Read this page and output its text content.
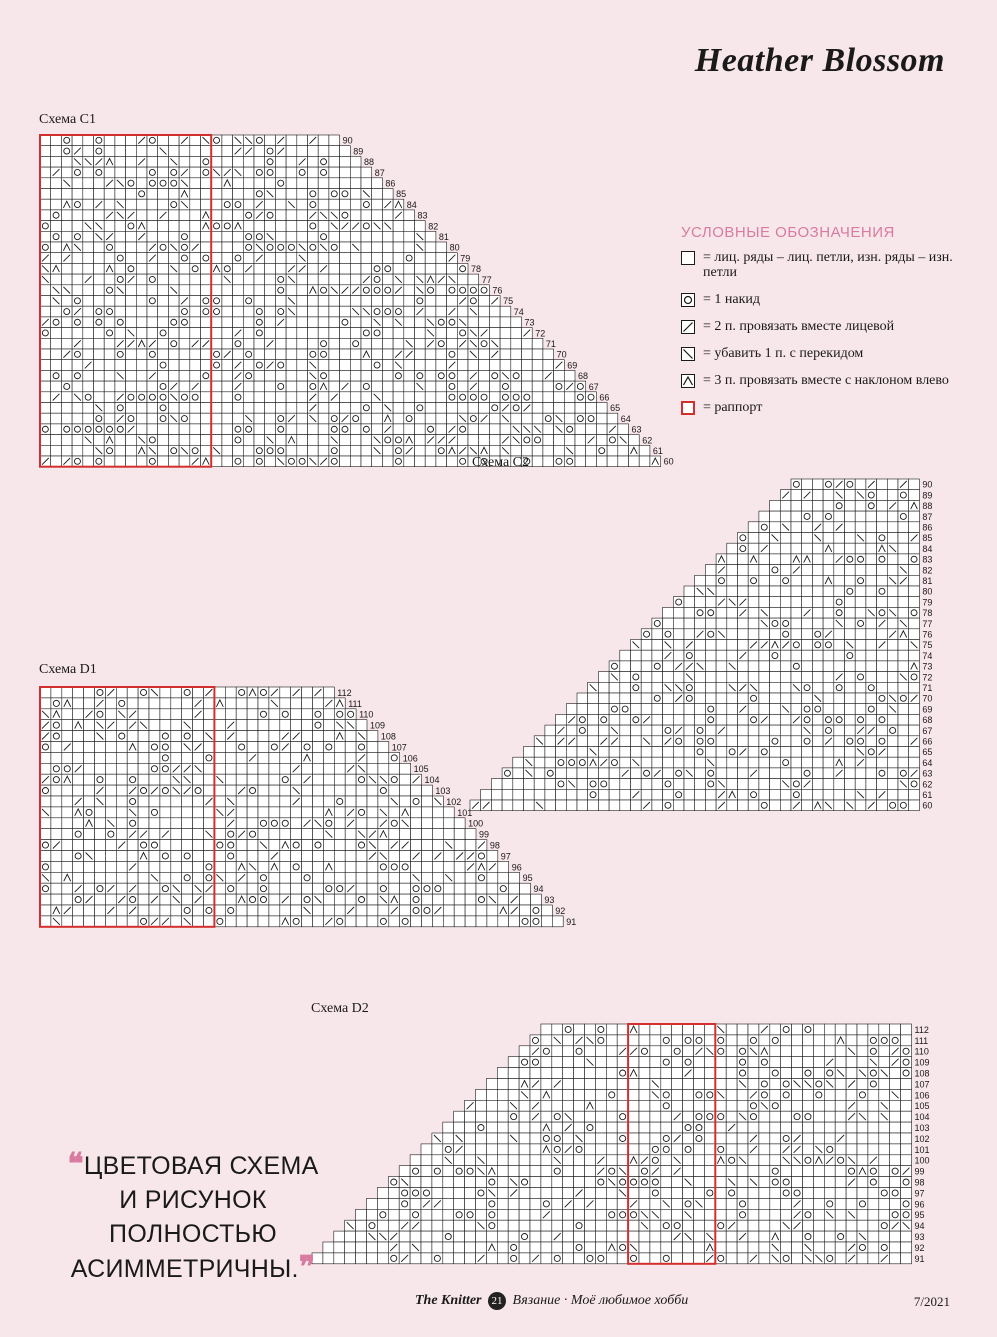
Heather Blossom
Схема С1
90
89
88
87
86
85
84
83
82
81
80
79
78
77
76
75
74
73
72
71
70
69
68
67
66
65
64
63
62
61
60
Схема С2
90
89
88
87
86
85
84
83
82
81
80
79
78
77
76
75
74
73
72
71
70
69
68
67
66
65
64
63
62
61
60
Схема D1
112
111
110
109
108
107
106
105
104
103
102
101
100
99
98
97
96
95
94
93
92
91
Схема D2
112
111
110
109
108
107
106
105
104
103
102
101
100
99
98
97
96
95
94
93
92
91
УСЛОВНЫЕ ОБОЗНАЧЕНИЯ
= лиц. ряды – лиц. петли, изн. ряды – изн. петли
= 1 накид
= 2 п. провязать вместе лицевой
= убавить 1 п. с перекидом
= 3 п. провязать вместе с наклоном влево
= раппорт
❝ЦВЕТОВАЯ СХЕМА
И РИСУНОК
ПОЛНОСТЬЮ
АСИММЕТРИЧНЫ.❞
The Knitter 21 Вязание · Моё любимое хобби	7/2021
